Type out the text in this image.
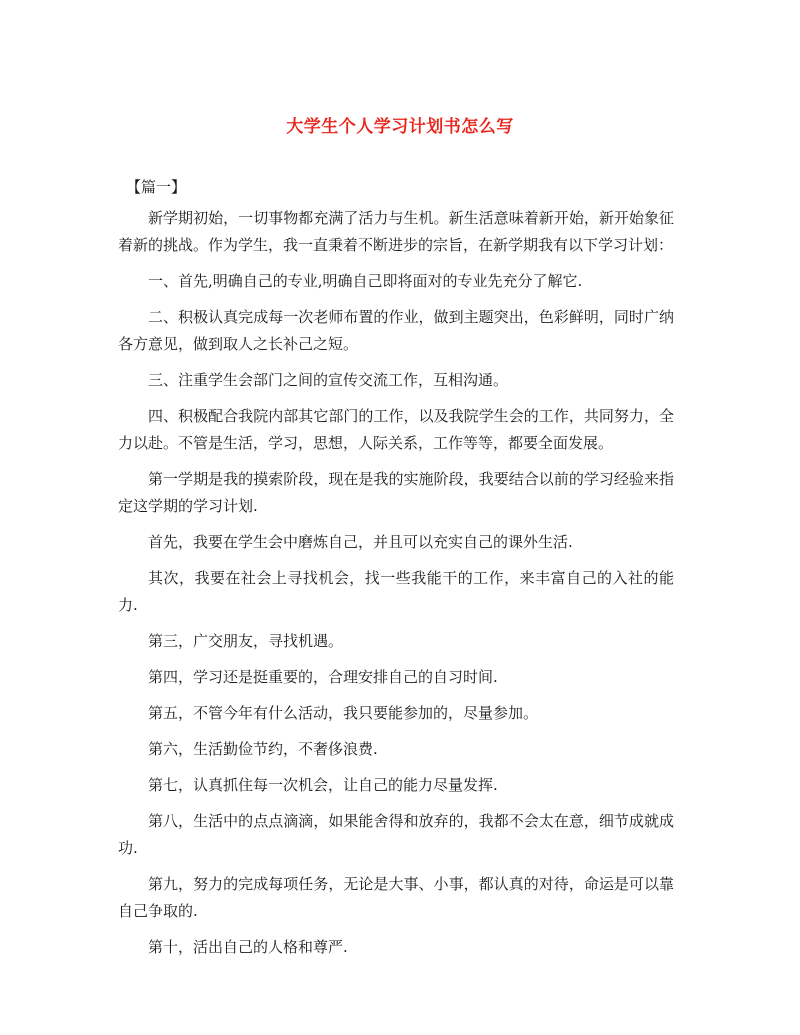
大学生个人学习计划书怎么写
【篇一】

新学期初始，一切事物都充满了活力与生机。新生活意味着新开始，新开始象征着新的挑战。作为学生，我一直秉着不断进步的宗旨，在新学期我有以下学习计划：

一、首先,明确自己的专业,明确自己即将面对的专业先充分了解它.

二、积极认真完成每一次老师布置的作业，做到主题突出，色彩鲜明，同时广纳各方意见，做到取人之长补己之短。

三、注重学生会部门之间的宣传交流工作，互相沟通。

四、积极配合我院内部其它部门的工作，以及我院学生会的工作，共同努力，全力以赴。不管是生活，学习，思想，人际关系，工作等等，都要全面发展。

第一学期是我的摸索阶段，现在是我的实施阶段，我要结合以前的学习经验来指定这学期的学习计划.

首先，我要在学生会中磨炼自己，并且可以充实自己的课外生活.

其次，我要在社会上寻找机会，找一些我能干的工作，来丰富自己的入社的能力.

第三，广交朋友，寻找机遇。

第四，学习还是挺重要的，合理安排自己的自习时间.

第五，不管今年有什么活动，我只要能参加的，尽量参加。

第六，生活勤俭节约，不奢侈浪费.

第七，认真抓住每一次机会，让自己的能力尽量发挥.

第八，生活中的点点滴滴，如果能舍得和放弃的，我都不会太在意，细节成就成功.

第九，努力的完成每项任务，无论是大事、小事，都认真的对待，命运是可以靠自己争取的.

第十，活出自己的人格和尊严.
